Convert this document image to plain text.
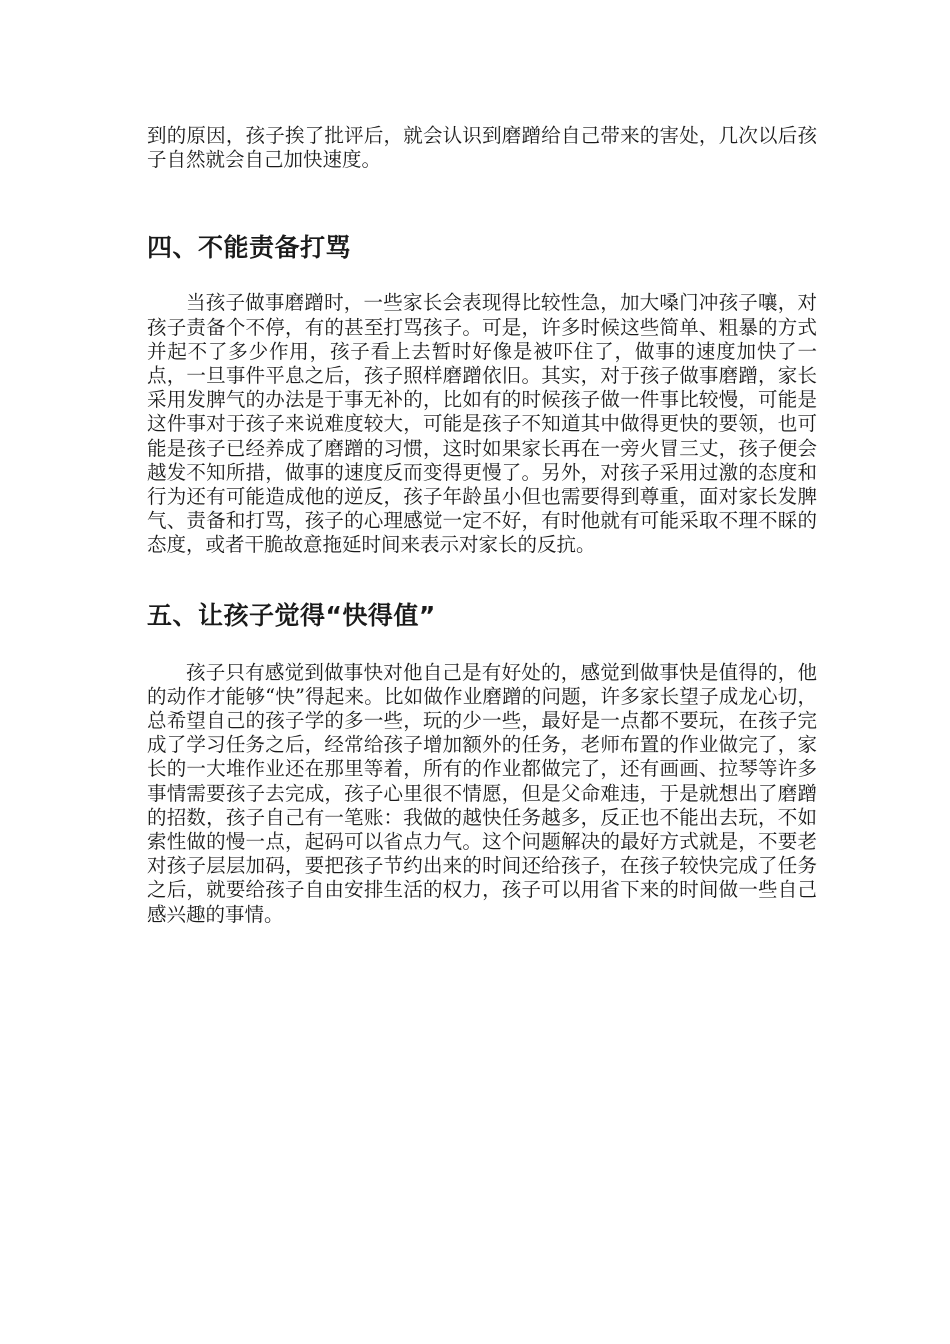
到的原因，孩子挨了批评后，就会认识到磨蹭给自己带来的害处，几次以后孩子自然就会自己加快速度。

四、不能责备打骂

当孩子做事磨蹭时，一些家长会表现得比较性急，加大嗓门冲孩子嚷，对孩子责备个不停，有的甚至打骂孩子。可是，许多时候这些简单、粗暴的方式并起不了多少作用，孩子看上去暂时好像是被吓住了，做事的速度加快了一点，一旦事件平息之后，孩子照样磨蹭依旧。其实，对于孩子做事磨蹭，家长采用发脾气的办法是于事无补的，比如有的时候孩子做一件事比较慢，可能是这件事对于孩子来说难度较大，可能是孩子不知道其中做得更快的要领，也可能是孩子已经养成了磨蹭的习惯，这时如果家长再在一旁火冒三丈，孩子便会越发不知所措，做事的速度反而变得更慢了。另外，对孩子采用过激的态度和行为还有可能造成他的逆反，孩子年龄虽小但也需要得到尊重，面对家长发脾气、责备和打骂，孩子的心理感觉一定不好，有时他就有可能采取不理不睬的态度，或者干脆故意拖延时间来表示对家长的反抗。

五、让孩子觉得“快得值”

孩子只有感觉到做事快对他自己是有好处的，感觉到做事快是值得的，他的动作才能够“快”得起来。比如做作业磨蹭的问题，许多家长望子成龙心切，总希望自己的孩子学的多一些，玩的少一些，最好是一点都不要玩，在孩子完成了学习任务之后，经常给孩子增加额外的任务，老师布置的作业做完了，家长的一大堆作业还在那里等着，所有的作业都做完了，还有画画、拉琴等许多事情需要孩子去完成，孩子心里很不情愿，但是父命难违，于是就想出了磨蹭的招数，孩子自己有一笔账：我做的越快任务越多，反正也不能出去玩，不如索性做的慢一点，起码可以省点力气。这个问题解决的最好方式就是，不要老对孩子层层加码，要把孩子节约出来的时间还给孩子，在孩子较快完成了任务之后，就要给孩子自由安排生活的权力，孩子可以用省下来的时间做一些自己感兴趣的事情。
